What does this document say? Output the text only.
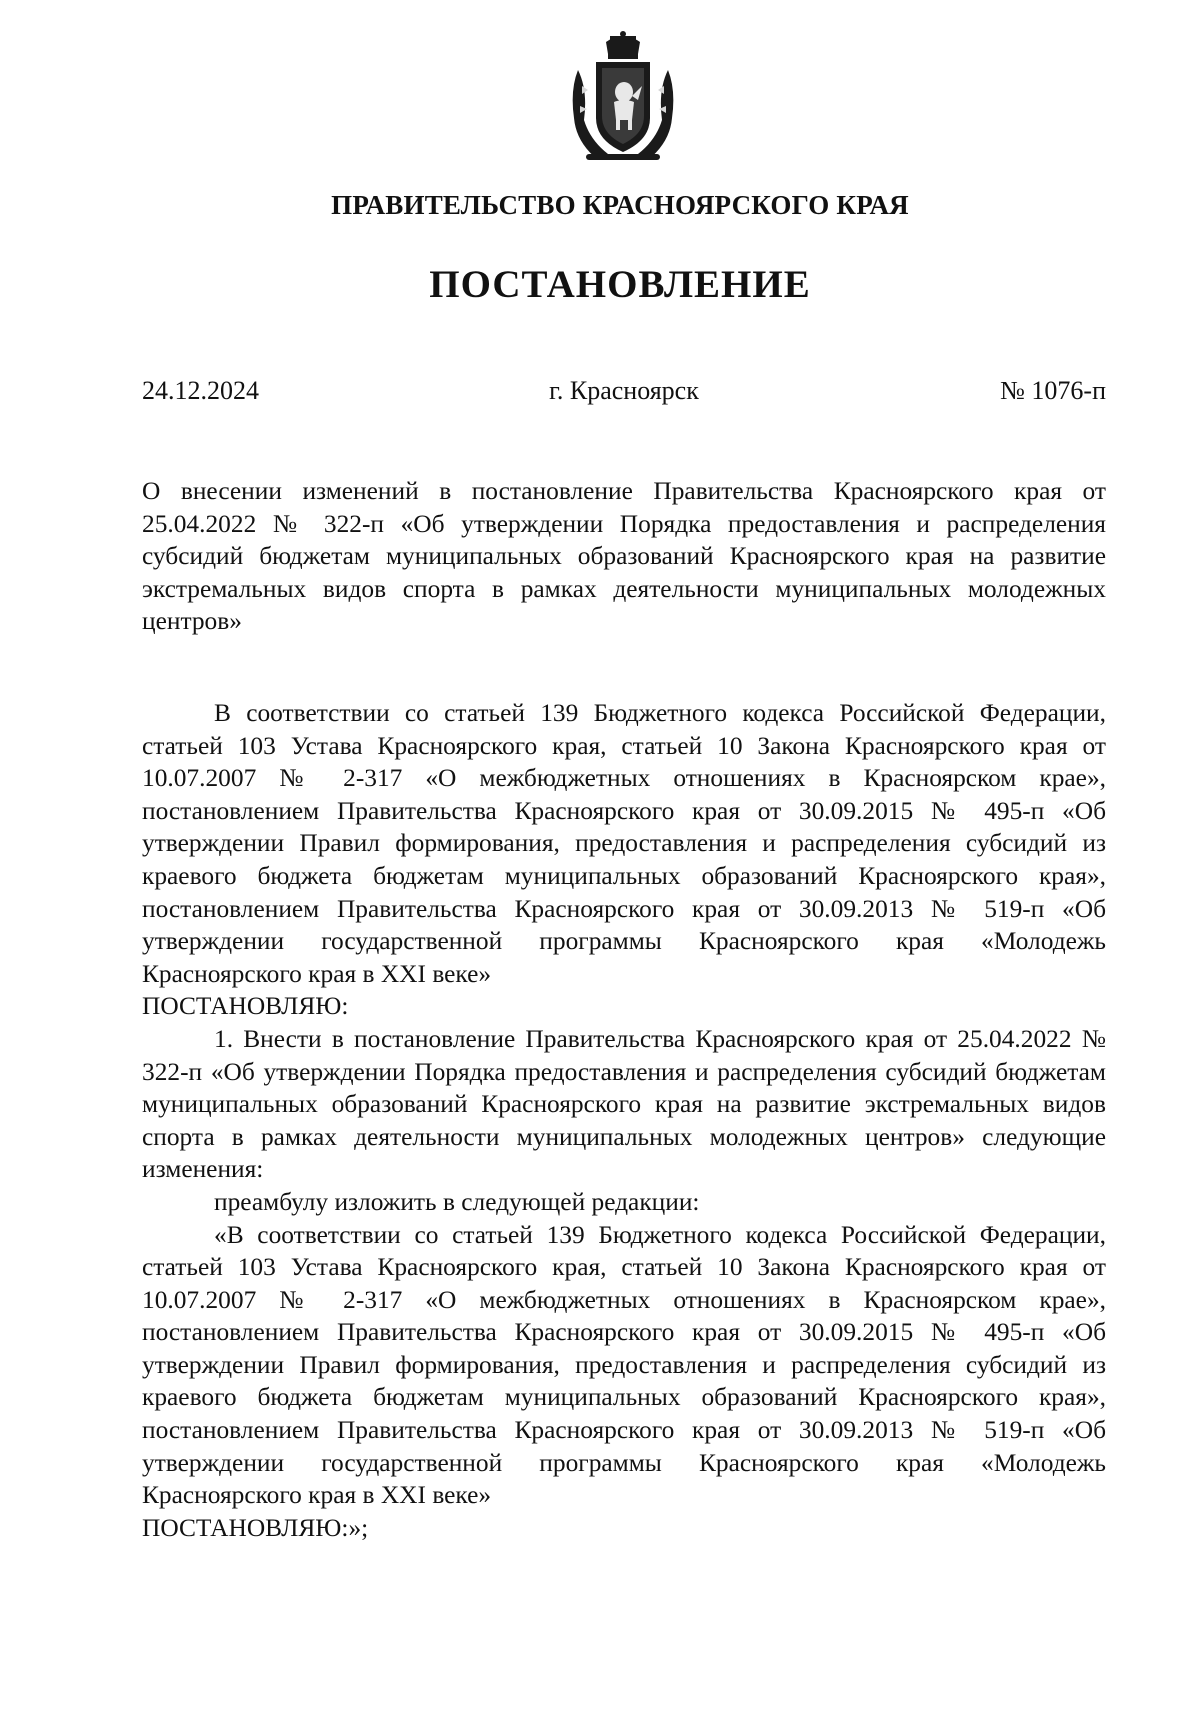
ПРАВИТЕЛЬСТВО КРАСНОЯРСКОГО КРАЯ
ПОСТАНОВЛЕНИЕ
24.12.2024	г. Красноярск	№ 1076-п

О внесении изменений в постановление Правительства Красноярского края от 25.04.2022 № 322-п «Об утверждении Порядка предоставления и распределения субсидий бюджетам муниципальных образований Красноярского края на развитие экстремальных видов спорта в рамках деятельности муниципальных молодежных центров»

В соответствии со статьей 139 Бюджетного кодекса Российской Федерации, статьей 103 Устава Красноярского края, статьей 10 Закона Красноярского края от 10.07.2007 № 2-317 «О межбюджетных отношениях в Красноярском крае», постановлением Правительства Красноярского края от 30.09.2015 № 495-п «Об утверждении Правил формирования, предоставления и распределения субсидий из краевого бюджета бюджетам муниципальных образований Красноярского края», постановлением Правительства Красноярского края от 30.09.2013 № 519-п «Об утверждении государственной программы Красноярского края «Молодежь Красноярского края в XXI веке»

ПОСТАНОВЛЯЮ:

1. Внести в постановление Правительства Красноярского края от 25.04.2022 № 322-п «Об утверждении Порядка предоставления и распределения субсидий бюджетам муниципальных образований Красноярского края на развитие экстремальных видов спорта в рамках деятельности муниципальных молодежных центров» следующие изменения:

преамбулу изложить в следующей редакции:

«В соответствии со статьей 139 Бюджетного кодекса Российской Федерации, статьей 103 Устава Красноярского края, статьей 10 Закона Красноярского края от 10.07.2007 № 2-317 «О межбюджетных отношениях в Красноярском крае», постановлением Правительства Красноярского края от 30.09.2015 № 495-п «Об утверждении Правил формирования, предоставления и распределения субсидий из краевого бюджета бюджетам муниципальных образований Красноярского края», постановлением Правительства Красноярского края от 30.09.2013 № 519-п «Об утверждении государственной программы Красноярского края «Молодежь Красноярского края в XXI веке»

ПОСТАНОВЛЯЮ:»;
